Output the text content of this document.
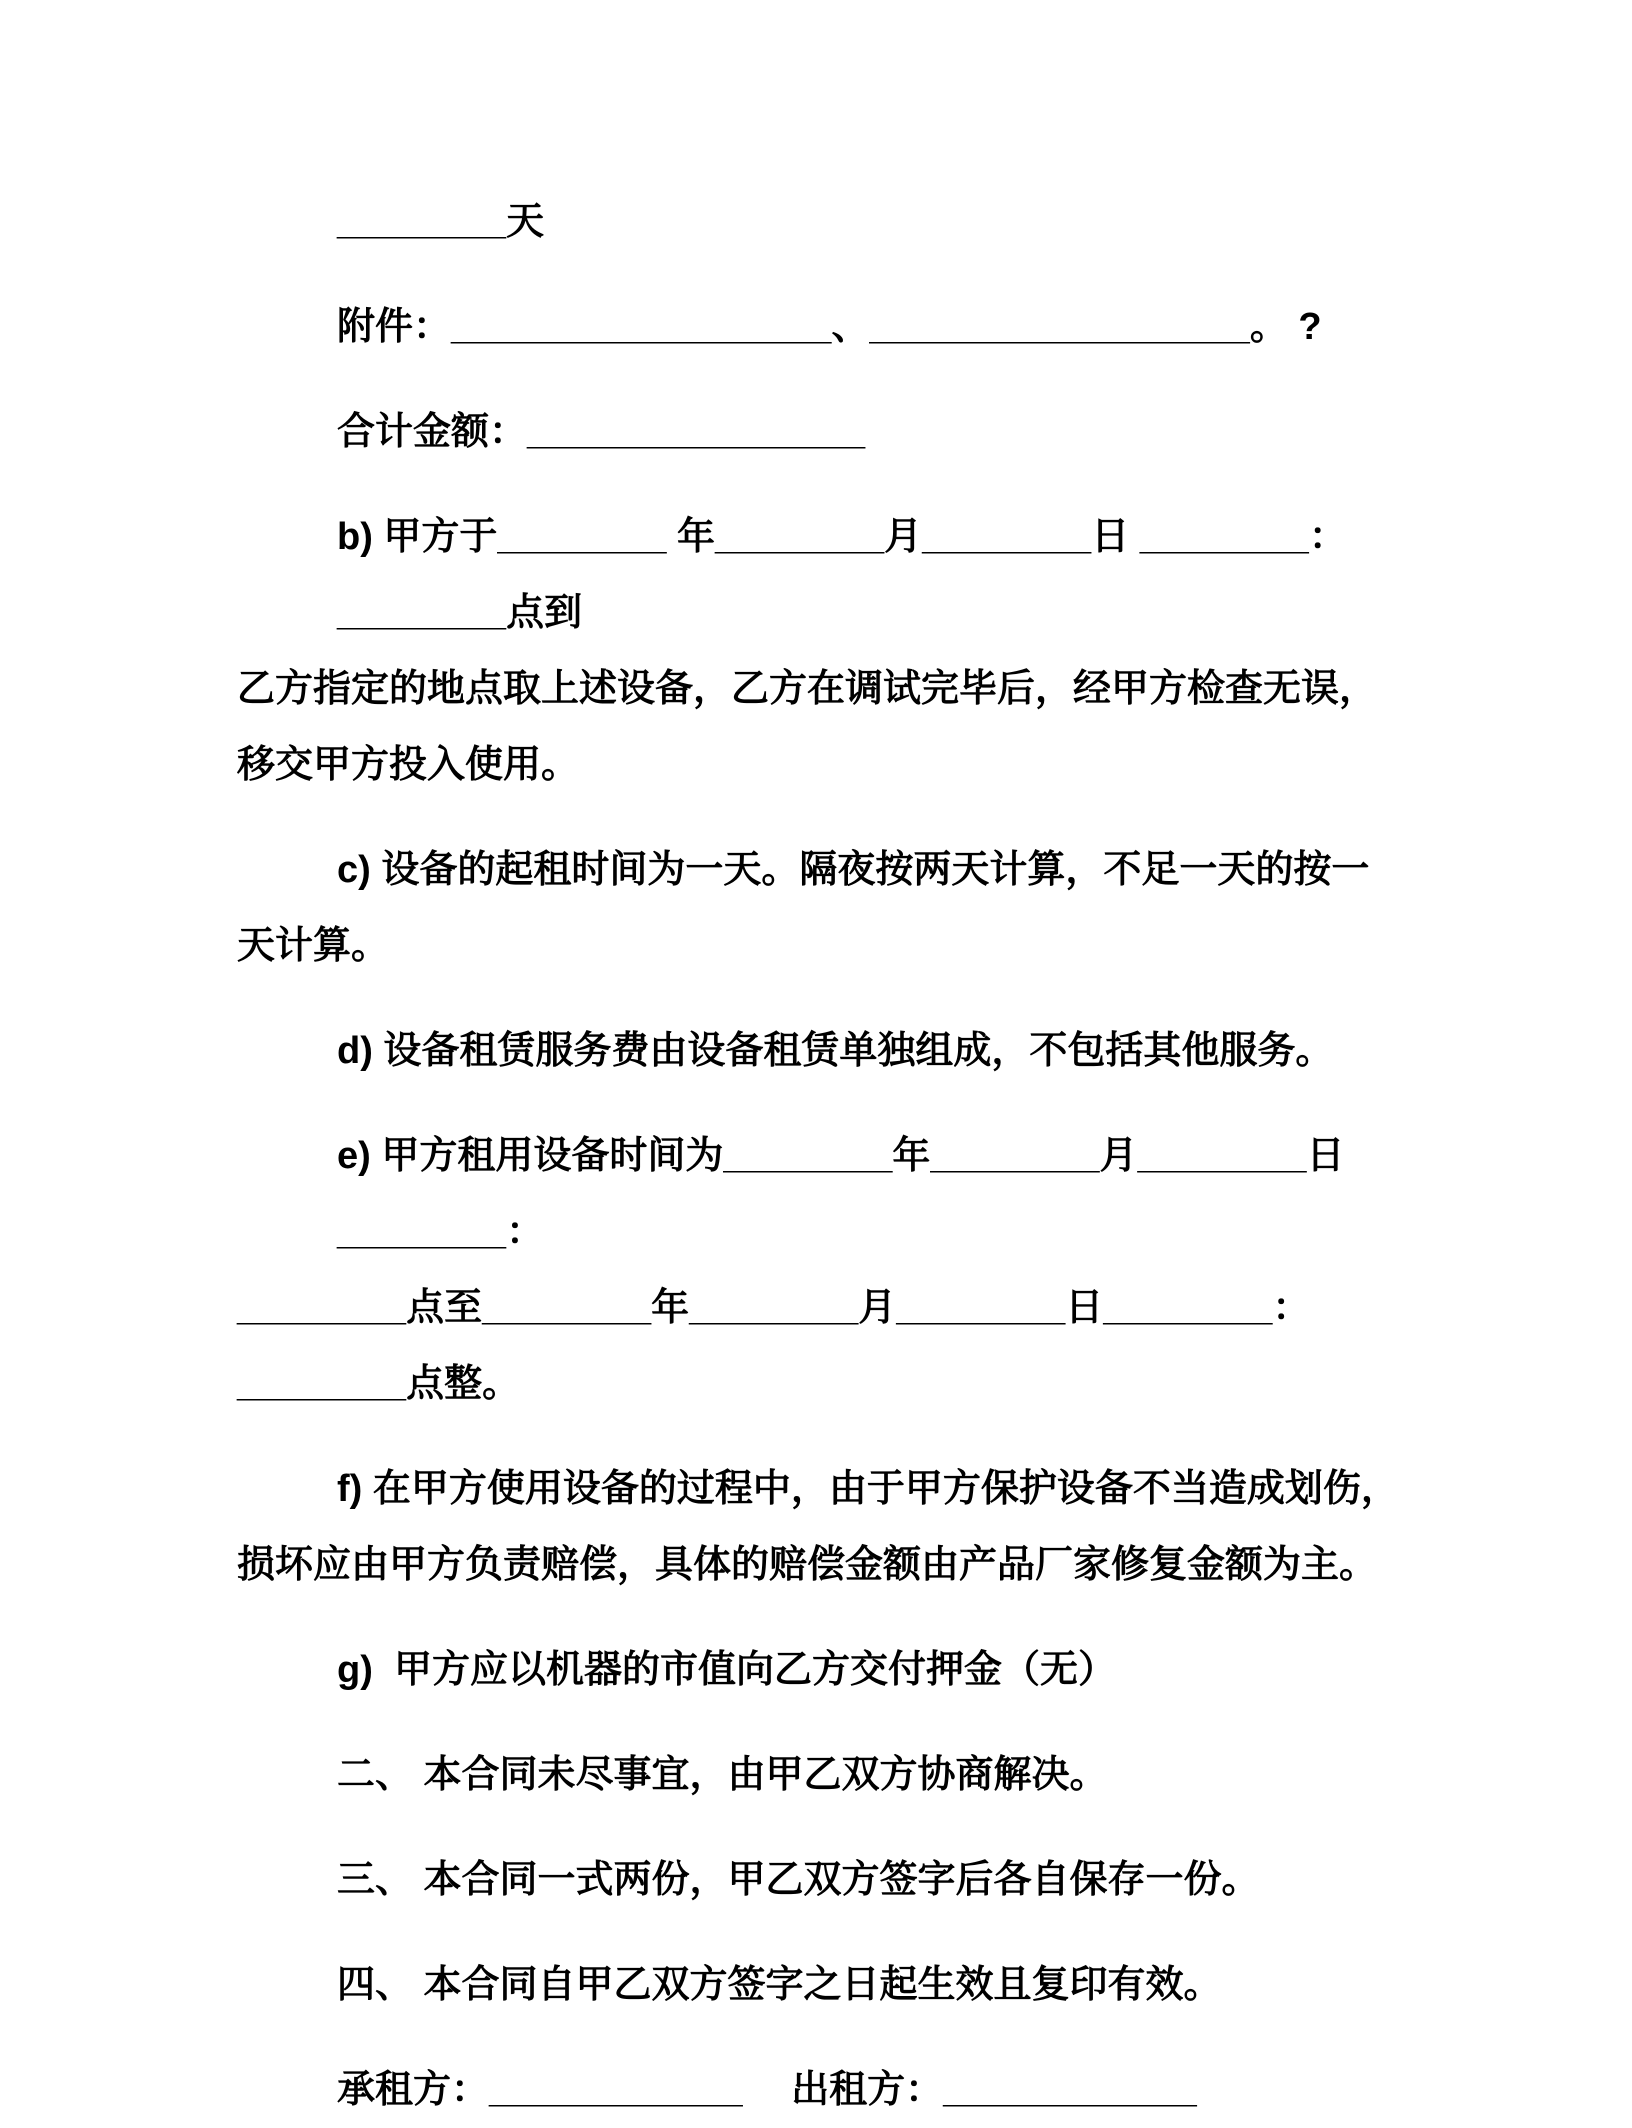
________天
附件：__________________、__________________。 ?
合计金额：________________
b) 甲方于________ 年________月________日 ________： ________点到
乙方指定的地点取上述设备，乙方在调试完毕后，经甲方检查无误，
移交甲方投入使用。
c) 设备的起租时间为一天。隔夜按两天计算，不足一天的按一
天计算。
d) 设备租赁服务费由设备租赁单独组成，不包括其他服务。
e) 甲方租用设备时间为________年________月________日________：
________点至________年________月________日________： ________点整。
f) 在甲方使用设备的过程中，由于甲方保护设备不当造成划伤，
损坏应由甲方负责赔偿，具体的赔偿金额由产品厂家修复金额为主。
g)  甲方应以机器的市值向乙方交付押金（无）
二、 本合同未尽事宜，由甲乙双方协商解决。
三、 本合同一式两份，甲乙双方签字后各自保存一份。
四、 本合同自甲乙双方签字之日起生效且复印有效。
承租方：____________　 出租方：____________
